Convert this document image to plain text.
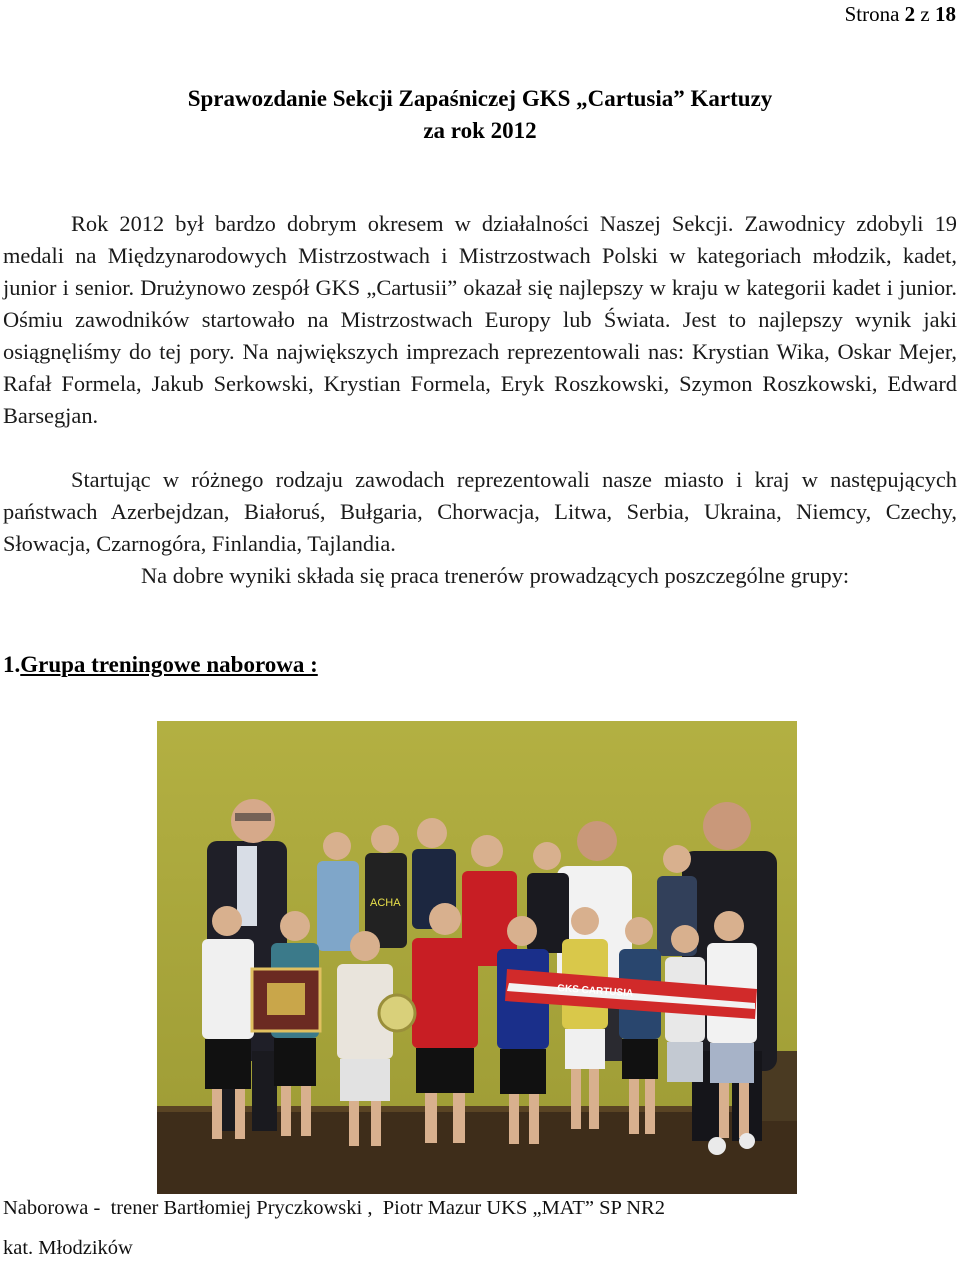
Strona 2 z 18
Sprawozdanie Sekcji Zapaśniczej GKS „Cartusia” Kartuzy
za rok 2012
Rok 2012 był bardzo dobrym okresem w działalności Naszej Sekcji. Zawodnicy zdobyli 19 medali na Międzynarodowych Mistrzostwach i Mistrzostwach Polski w kategoriach młodzik, kadet, junior i senior. Drużynowo zespół GKS „Cartusii” okazał się najlepszy w kraju w kategorii kadet i junior. Ośmiu zawodników startowało na Mistrzostwach Europy lub Świata. Jest to najlepszy wynik jaki osiągnęliśmy do tej pory. Na największych imprezach reprezentowali nas: Krystian Wika, Oskar Mejer, Rafał Formela, Jakub Serkowski, Krystian Formela, Eryk Roszkowski, Szymon Roszkowski, Edward Barsegjan.
Startując w różnego rodzaju zawodach reprezentowali nasze miasto i kraj w następujących państwach Azerbejdzan, Białoruś, Bułgaria, Chorwacja, Litwa, Serbia, Ukraina, Niemcy, Czechy, Słowacja, Czarnogóra, Finlandia, Tajlandia.
Na dobre wyniki składa się praca trenerów prowadzących poszczególne grupy:
1.Grupa treningowe naborowa :
ACHA
GKS CARTUSIA
Naborowa -  trener Bartłomiej Pryczkowski ,  Piotr Mazur UKS „MAT” SP NR2
kat. Młodzików
